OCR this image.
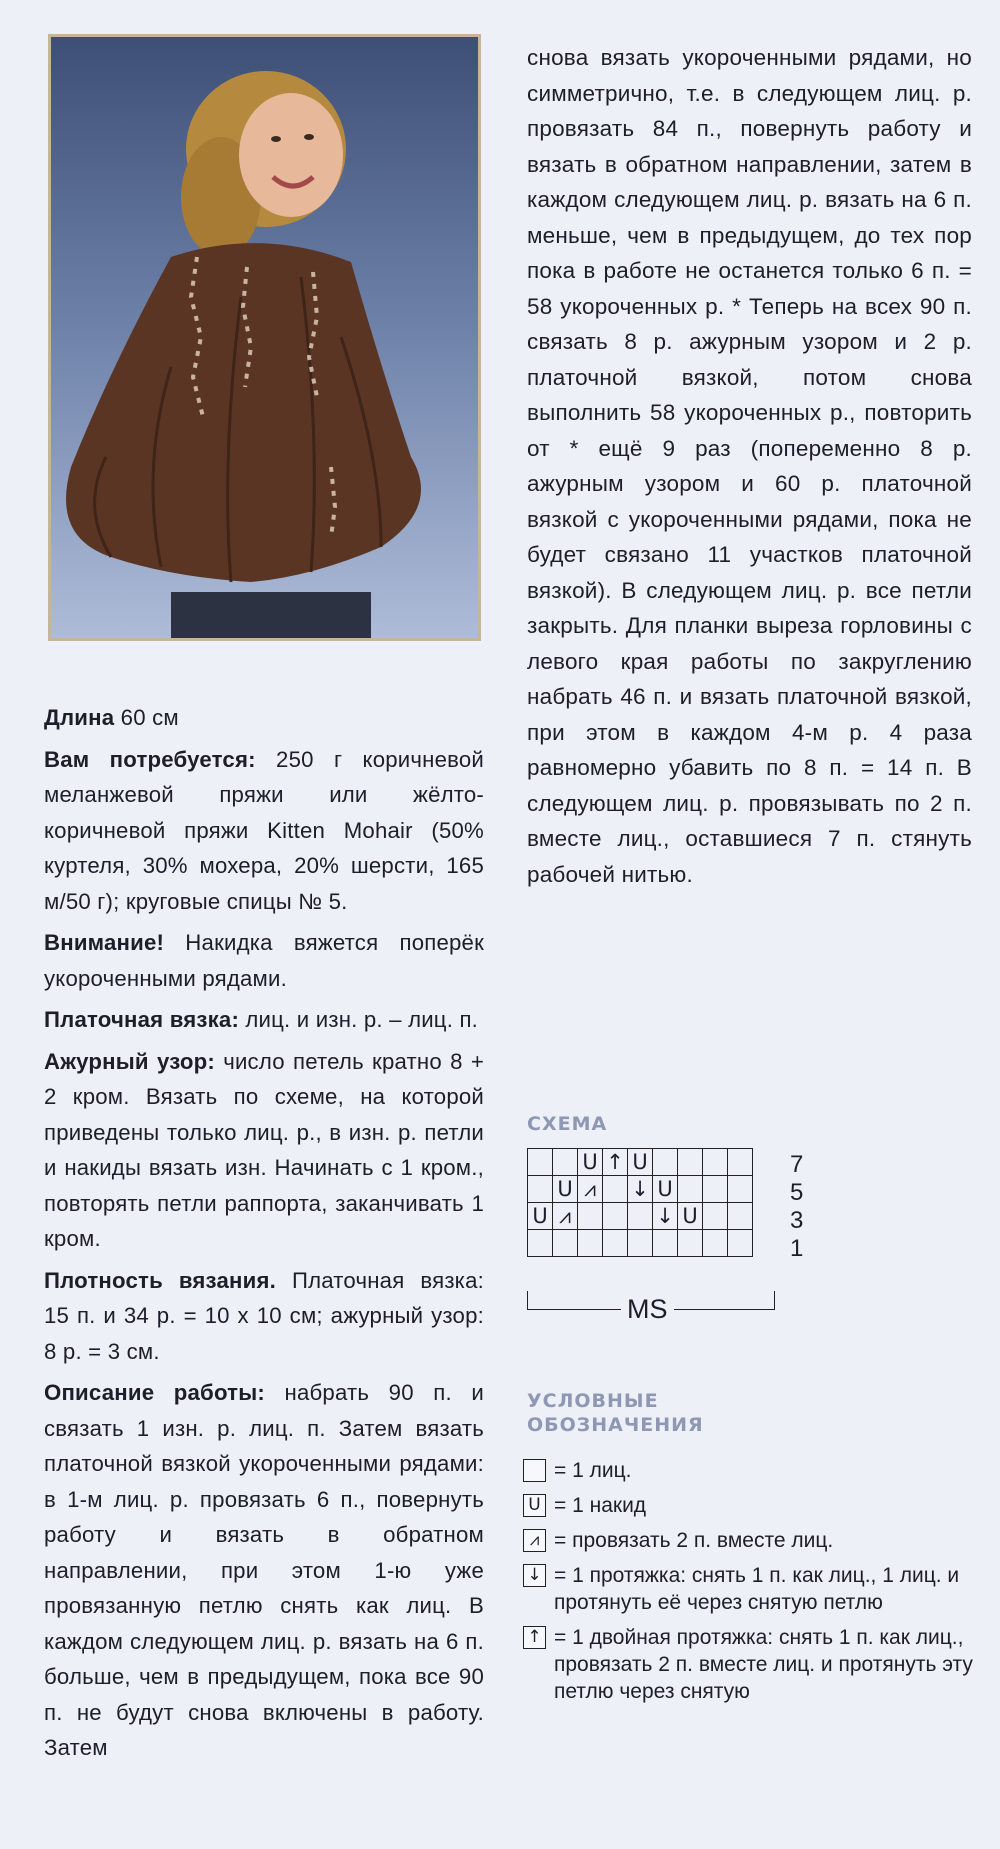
Длина 60 см

Вам потребуется: 250 г коричневой меланжевой пряжи или жёлто-коричневой пряжи Kitten Mohair (50% куртеля, 30% мохера, 20% шерсти, 165 м/50 г); круговые спицы № 5.

Внимание! Накидка вяжется поперёк укороченными рядами.

Платочная вязка: лиц. и изн. р. – лиц. п.

Ажурный узор: число петель кратно 8 + 2 кром. Вязать по схеме, на которой приведены только лиц. р., в изн. р. петли и накиды вязать изн. Начинать с 1 кром., повторять петли раппорта, заканчивать 1 кром.

Плотность вязания. Платочная вязка: 15 п. и 34 р. = 10 х 10 см; ажурный узор: 8 р. = 3 см.

Описание работы: набрать 90 п. и связать 1 изн. р. лиц. п. Затем вязать платочной вязкой укороченными рядами: в 1-м лиц. р. провязать 6 п., повернуть работу и вязать в обратном направлении, при этом 1-ю уже провязанную петлю снять как лиц. В каждом следующем лиц. р. вязать на 6 п. больше, чем в предыдущем, пока все 90 п. не будут снова включены в работу. Затем

снова вязать укороченными рядами, но симметрично, т.е. в следующем лиц. р. провязать 84 п., повернуть работу и вязать в обратном направлении, затем в каждом следующем лиц. р. вязать на 6 п. меньше, чем в предыдущем, до тех пор пока в работе не останется только 6 п. = 58 укороченных р. * Теперь на всех 90 п. связать 8 р. ажурным узором и 2 р. платочной вязкой, потом снова выполнить 58 укороченных р., повторить от * ещё 9 раз (попеременно 8 р. ажурным узором и 60 р. платочной вязкой с укороченными рядами, пока не будет связано 11 участков платочной вязкой). В следующем лиц. р. все петли закрыть. Для планки выреза горловины с левого края работы по закруглению набрать 46 п. и вязать платочной вязкой, при этом в каждом 4-м р. 4 раза равномерно убавить по 8 п. = 14 п. В следующем лиц. р. провязывать по 2 п. вместе лиц., оставшиеся 7 п. стянуть рабочей нитью.

СХЕМА
		U	↑	U				
	U	⩘		↓	U			
U	⩘				↓	U		

7
5
3
1
MS
УСЛОВНЫЕ ОБОЗНАЧЕНИЯ
= 1 лиц.
U = 1 накид
⩘ = провязать 2 п. вместе лиц.
↓ = 1 протяжка: снять 1 п. как лиц., 1 лиц. и протянуть её через снятую петлю
↑ = 1 двойная протяжка: снять 1 п. как лиц., провязать 2 п. вместе лиц. и протянуть эту петлю через снятую
